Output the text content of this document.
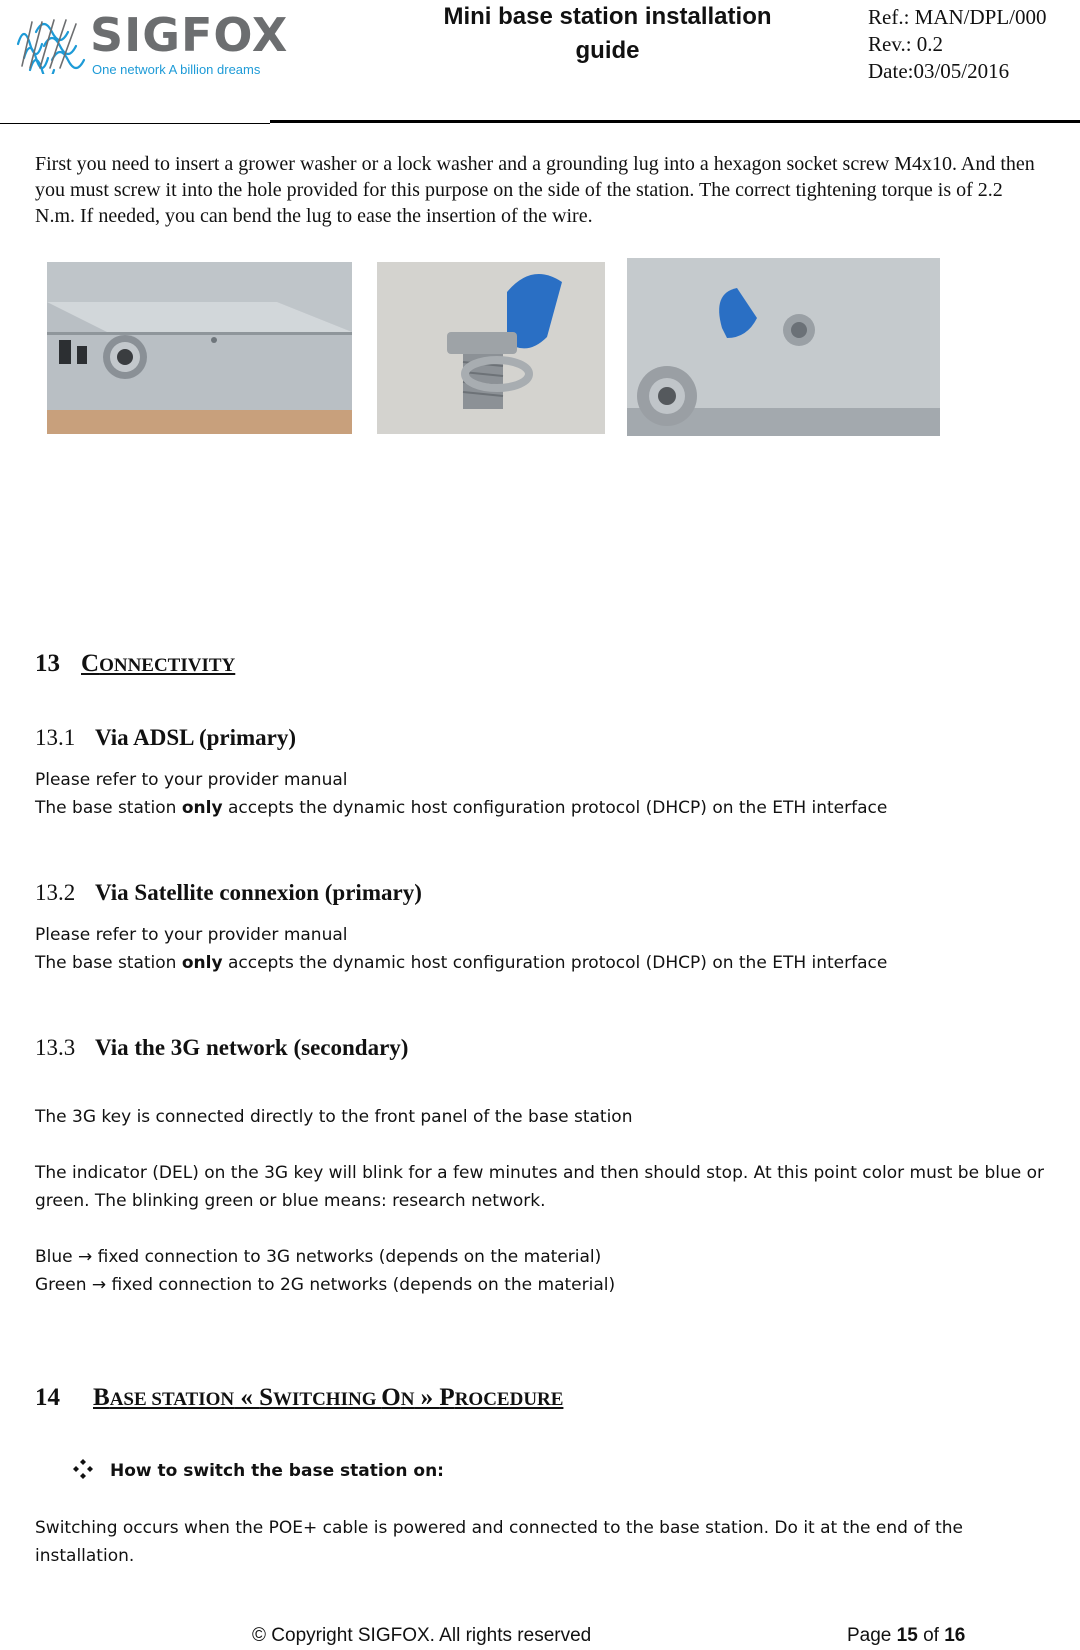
SIGFOX
One network A billion dreams
Mini base station installation
guide
Ref.: MAN/DPL/000
Rev.: 0.2
Date:03/05/2016
First you need to insert a grower washer or a lock washer and a grounding lug into a hexagon socket screw M4x10. And then you must screw it into the hole provided for this purpose on the side of the station. The correct tightening torque is of 2.2 N.m. If needed, you can bend the lug to ease the insertion of the wire.
13 CONNECTIVITY
13.1 Via ADSL (primary)
Please refer to your provider manual
The base station only accepts the dynamic host configuration protocol (DHCP) on the ETH interface
13.2 Via Satellite connexion (primary)
Please refer to your provider manual
The base station only accepts the dynamic host configuration protocol (DHCP) on the ETH interface
13.3 Via the 3G network (secondary)
The 3G key is connected directly to the front panel of the base station
The indicator (DEL) on the 3G key will blink for a few minutes and then should stop. At this point color must be blue or green. The blinking green or blue means: research network.
Blue → fixed connection to 3G networks (depends on the material)
Green → fixed connection to 2G networks (depends on the material)
14 BASE STATION « SWITCHING ON » PROCEDURE
How to switch the base station on:
Switching occurs when the POE+ cable is powered and connected to the base station. Do it at the end of the installation.
© Copyright SIGFOX. All rights reserved	Page 15 of 16
